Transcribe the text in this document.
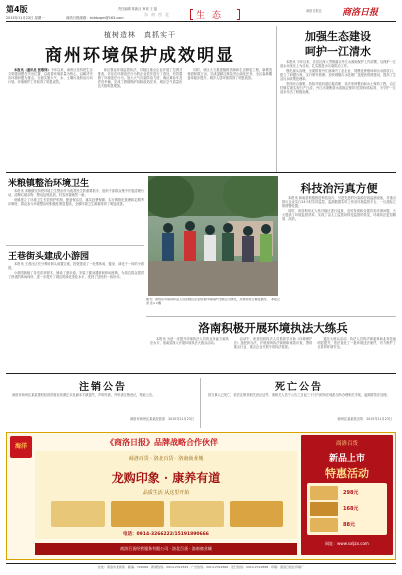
第4版
2015年11月23日 星期一	商洛日报邮箱：sldrbzgm@163.com
责任编辑 郭新社 审读 王 磊
东 南 西 北	生 态	商洛日报社 商洛日报
植树造林　真抓实干
商州环境保护成效明显

本报讯（通讯员 张敬炜）今年以来，商州区坚持把生态文明建设摆在突出位置，以改善环境质量为核心，以解决突出环境问题为重点，全面实施大气、水、土壤污染防治行动计划，环境保护工作取得了明显成效。

该区强化环境监管执法，对辖区重点企业开展了拉网式排查，对存在环境违法行为的企业依法进行了查处，有效震慑了环境违法行为。加大大气污染防治力度，淘汰黄标车及老旧车辆，完成了燃煤锅炉拆除改造任务，城区空气质量优良天数明显增加。

同时，该区大力推进植树造林和生态修复工程，新增造林面积数万亩，完成退耕还林及荒山绿化任务，全区森林覆盖率稳步提升，城乡人居环境得到了明显改善。

加强生态建设
呵护一江清水

本报讯 今年以来，各县区深入贯彻落实丹江水源地保护工作部署，以保护一江清水永续北上为目标，扎实推进水污染防治工作。

强化源头治理，全面排查丹江流域内工业企业、规模化养殖场和污水排放口，建立了问题台账，实行销号管理；加快城镇污水处理厂及配套管网建设，提高了生活污水收集处理率。

坚持综合施策，持续开展河道垃圾清理、非法采砂整治和水土保持工程，沿江村镇垃圾实现日产日清，丹江出境断面水质稳定保持在国家Ⅱ类标准，为守护一江清水作出了积极贡献。

米粮镇整治环境卫生

本报讯 米粮镇坚持把环境卫生整治作为改善民生的重要抓手，组织干部群众集中开展清理行动，清理垃圾杂物、整治乱堆乱放，村容村貌焕然一新。

该镇建立了环境卫生长效管护机制，配备保洁员，落实经费保障，实行网格化管理和定期考评制度，群众参与环境整治的积极性明显提高，全镇环境卫生面貌得到了明显改善。

图为：商州区环保局执法人员在辖区企业检查环境保护设施运行情况，并现场进行督促整改。　本报记者 张××摄
科技治污真方便

本报讯 商南县积极推进科技治污，引进先进的污染源在线监测设备，对重点排污企业实行24小时实时监控，监测数据实时上传至环境监管平台，一旦超标立即预警处置。

同时，该县利用无人机对辖区进行巡查，及时发现和处置各类环境问题，大大提高了环境监管效率，实现了由人工监管向科技监管的转变，环境执法更加精准、高效。

王巷街头建成小游园

本报讯 王巷社区充分利用街头闲置空地，投资建成了一处集休闲、健身、绿化于一体的小游园。

小游园栽植了各类花草树木，铺设了游步道，安装了健身器材和休闲座椅，为周边群众提供了舒适的休闲场所，进一步提升了城区的绿化美化水平，受到了居民的一致好评。

洛南积极开展环境执法大练兵

本报讯 为进一步提升环境执法人员的业务能力和执法水平，洛南县深入开展环境执法大练兵活动。

活动中，该县组织执法人员系统学习新《环境保护法》及配套办法，开展现场执法演练和案卷评查，围绕重点行业、重点企业开展专项执法检查。

通过大练兵活动，执法人员的法律素养和业务技能明显提升，依法查处了一批环境违法案件，有力维护了全县的环境安全。

注销公告
商洛市商州区某某建材经营部营业执照正本及副本不慎遗失，声明作废，并申请注销登记，特此公告。
商洛市商州区某某经营部　2015年11月23日
死亡公告
因当事人已死亡，依法注销其相关登记证件，请相关人员于公告之日起三十日内到所在地派出所办理相关手续，逾期将依法处理。
商州区某某派出所　2015年11月23日
海洋	《商洛日报》品牌战略合作伙伴
商洛百货 · 洛北百货 · 洛南商业城
龙购印象 · 康养有道
品质生活 从这里开始
电话：0914-3266222/15191890666
商洛百货经营服务有限公司 · 洛北百货 · 洛南商业城
商洛百货
新品上市
特惠活动
298元
168元
88元
网址：www.sxljzx.com
社址：商洛市北新街 · 邮编：726000 · 新闻热线：0914-2312345 · 广告热线：0914-2312666 · 发行热线：0914-2312888 · 印刷：商洛日报社印刷厂
